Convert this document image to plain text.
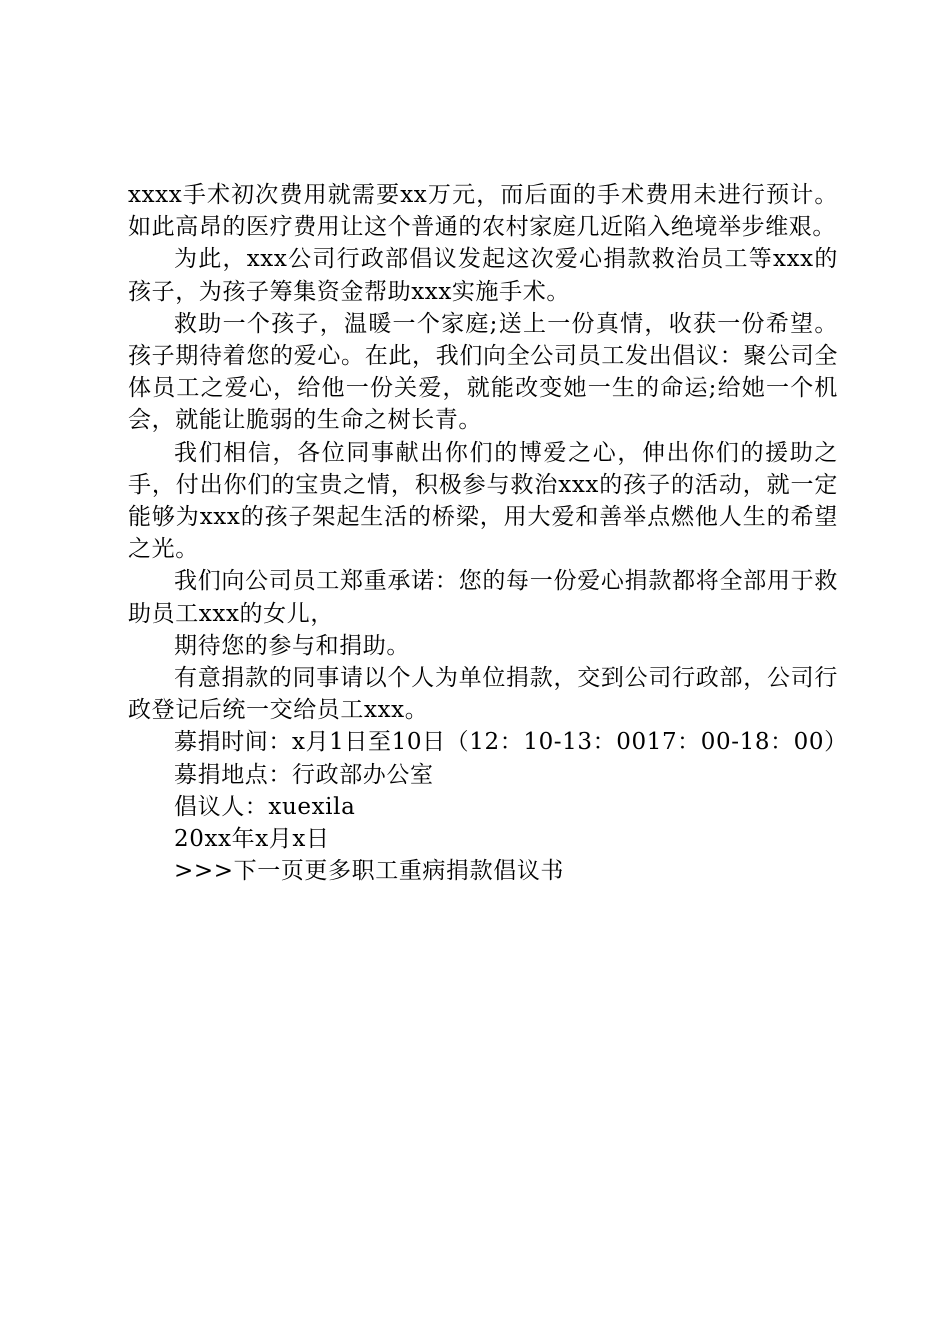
xxxx手术初次费用就需要xx万元，而后面的手术费用未进行预计。如此高昂的医疗费用让这个普通的农村家庭几近陷入绝境举步维艰。

为此，xxx公司行政部倡议发起这次爱心捐款救治员工等xxx的孩子，为孩子筹集资金帮助xxx实施手术。

救助一个孩子，温暖一个家庭;送上一份真情，收获一份希望。孩子期待着您的爱心。在此，我们向全公司员工发出倡议：聚公司全体员工之爱心，给他一份关爱，就能改变她一生的命运;给她一个机会，就能让脆弱的生命之树长青。

我们相信，各位同事献出你们的博爱之心，伸出你们的援助之手，付出你们的宝贵之情，积极参与救治xxx的孩子的活动，就一定能够为xxx的孩子架起生活的桥梁，用大爱和善举点燃他人生的希望之光。

我们向公司员工郑重承诺：您的每一份爱心捐款都将全部用于救助员工xxx的女儿，

期待您的参与和捐助。

有意捐款的同事请以个人为单位捐款，交到公司行政部，公司行政登记后统一交给员工xxx。

募捐时间：x月1日至10日（12：10-13：0017：00-18：00）

募捐地点：行政部办公室

倡议人：xuexila

20xx年x月x日

>>>下一页更多职工重病捐款倡议书
